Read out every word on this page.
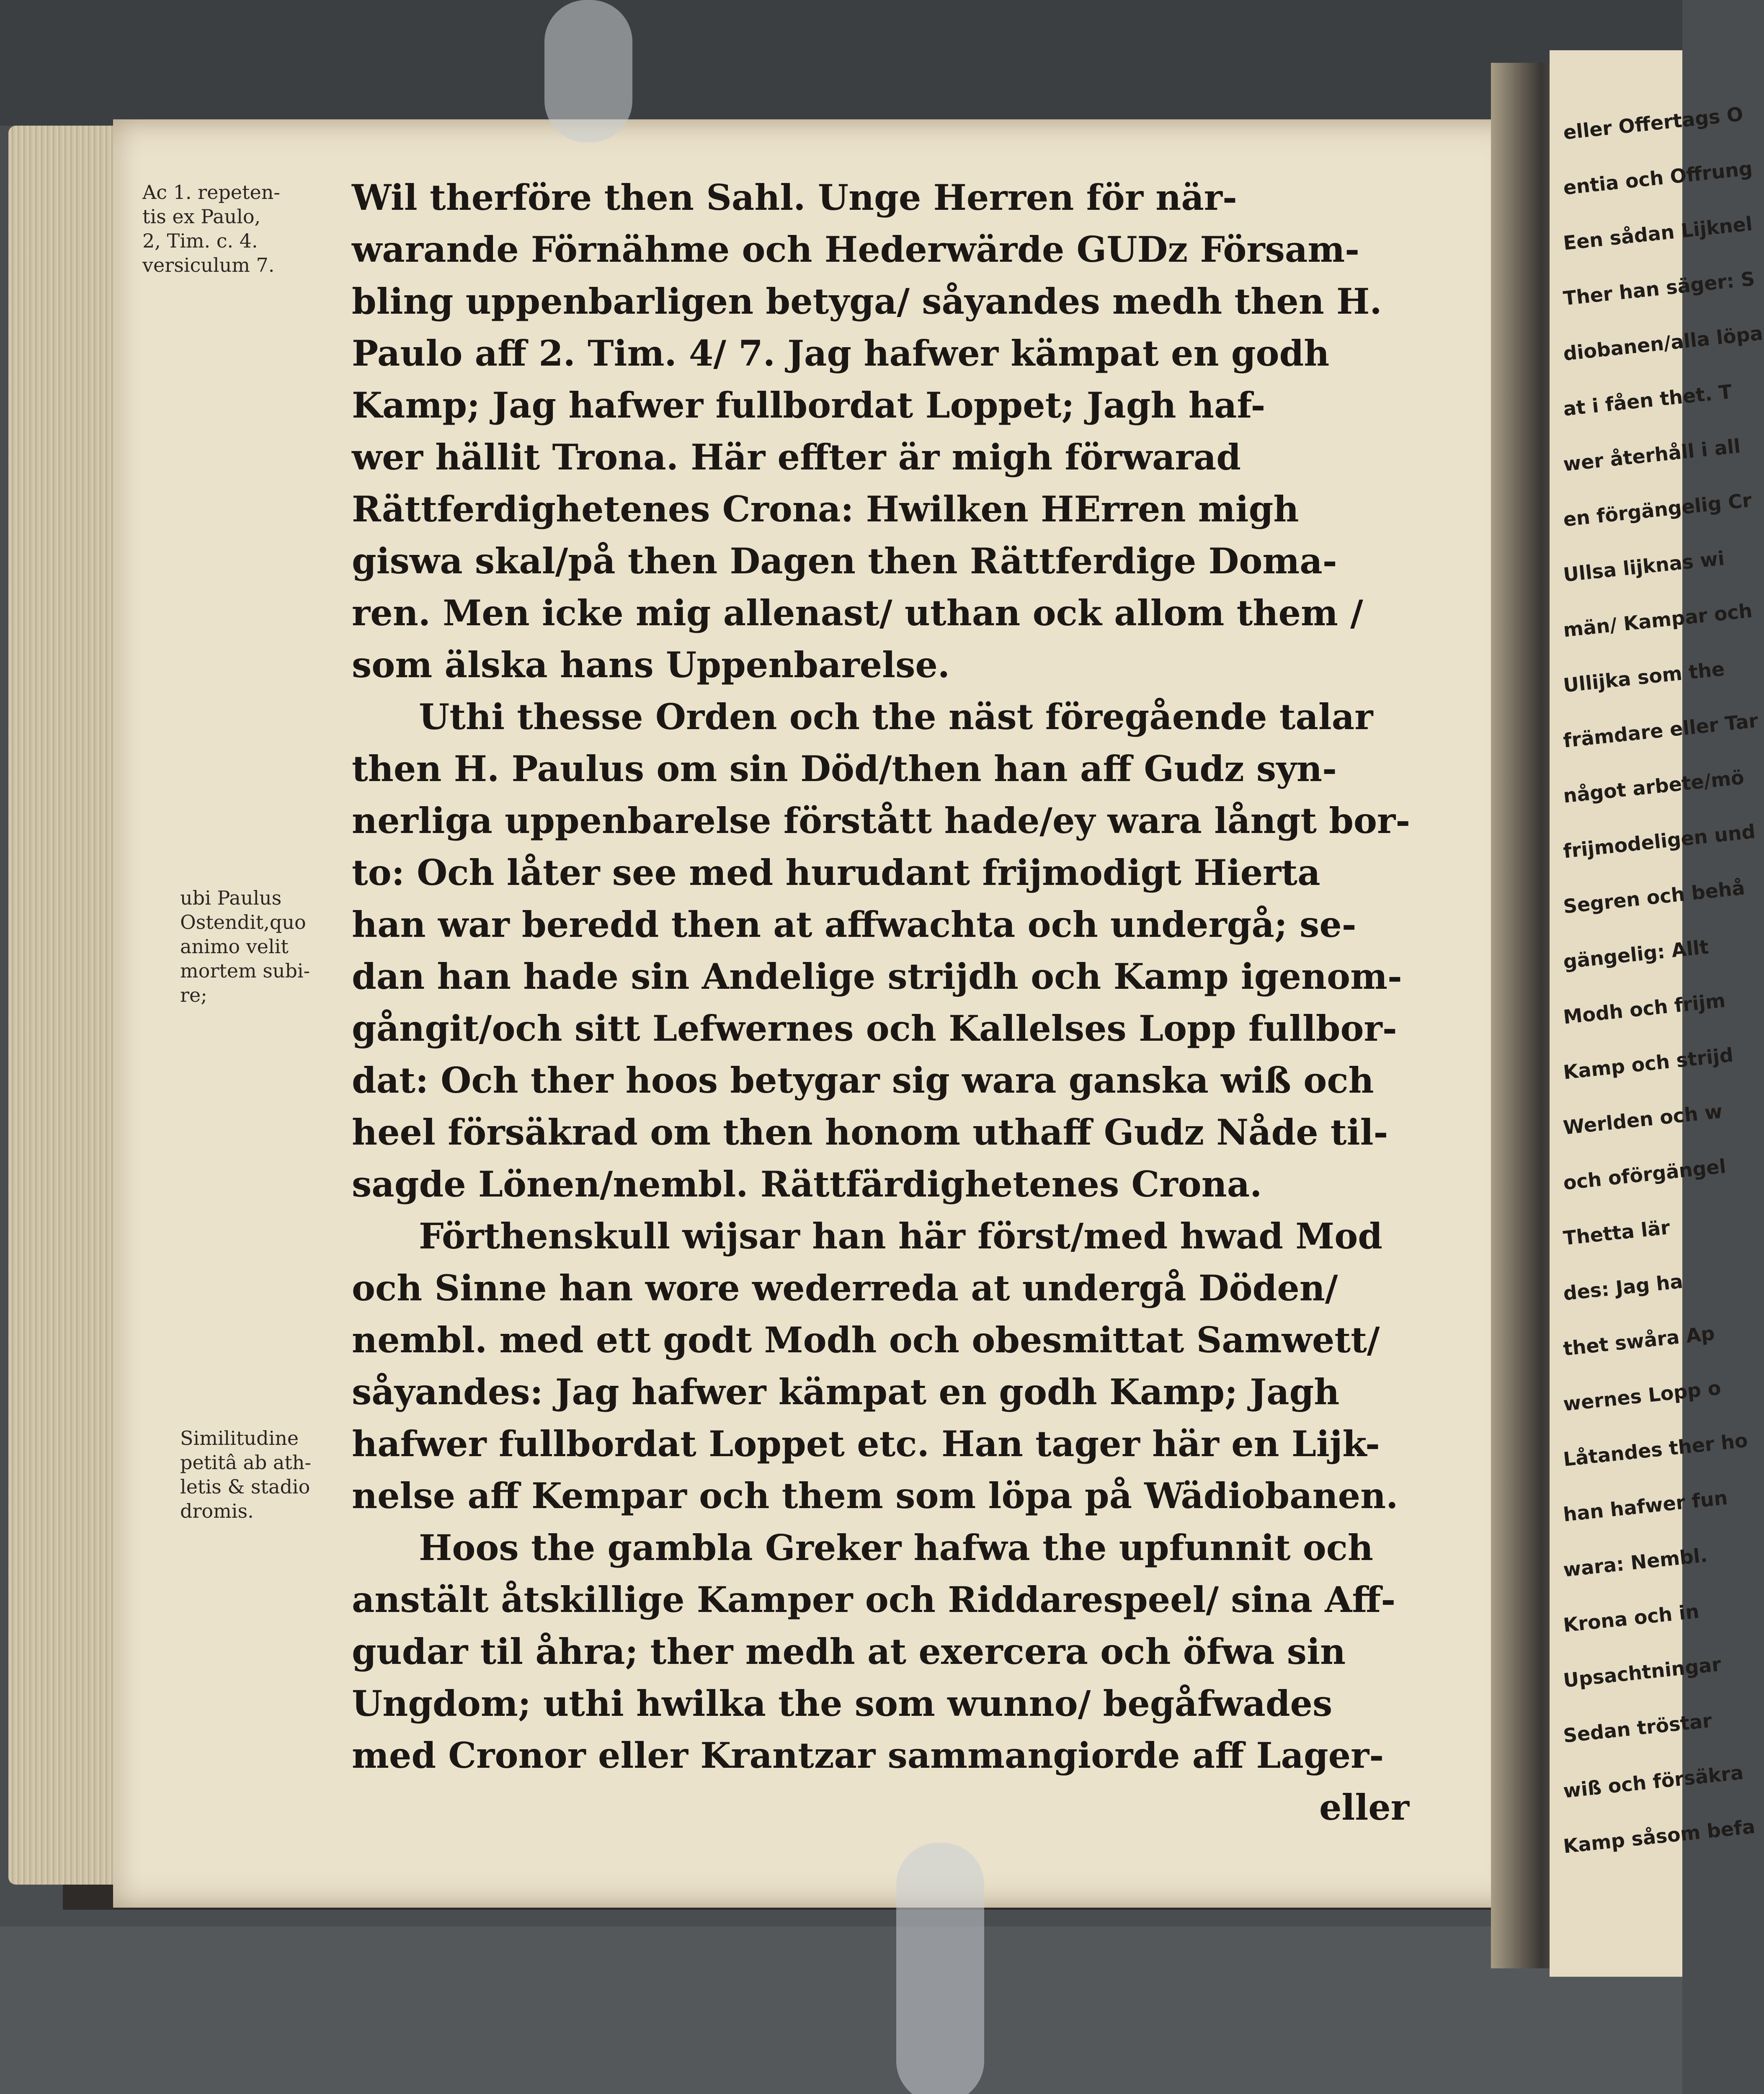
eller Offertags O
entia och Offrung
Een sådan Lijknel
Ther han säger: S
diobanen/alla löpa
at i fåen thet. T
wer återhåll i all
en förgängelig Cr
Ullsa lijknas wi
män/ Kampar och
Ullijka som the
främdare eller Tar
något arbete/mö
frijmodeligen und
Segren och behå
gängelig: Allt
Modh och frijm
Kamp och strijd
Werlden och w
och oförgängel
Thetta lär
des: Jag ha
thet swåra Ap
wernes Lopp o
Låtandes ther ho
han hafwer fun
wara: Nembl.
Krona och in
Upsachtningar
Sedan tröstar
wiß och försäkra
Kamp såsom befa
Ac 1. repeten-
tis ex Paulo,
2, Tim. c. 4.
versiculum 7.
ubi Paulus
Ostendit,quo
animo velit
mortem subi-
re;
Similitudine
petitâ ab ath-
letis & stadio
dromis.
Wil therföre then Sahl. Unge Herren för när-
warande Förnähme och Hederwärde GUDz Försam-
bling uppenbarligen betyga/ såyandes medh then H.
Paulo aff 2. Tim. 4/ 7. Jag hafwer kämpat en godh
Kamp; Jag hafwer fullbordat Loppet; Jagh haf-
wer hällit Trona. Här effter är migh förwarad
Rättferdighetenes Crona: Hwilken HErren migh
giswa skal/på then Dagen then Rättferdige Doma-
ren. Men icke mig allenast/ uthan ock allom them /
som älska hans Uppenbarelse.
Uthi thesse Orden och the näst föregående talar
then H. Paulus om sin Död/then han aff Gudz syn-
nerliga uppenbarelse förstått hade/ey wara långt bor-
to: Och låter see med hurudant frijmodigt Hierta
han war beredd then at affwachta och undergå; se-
dan han hade sin Andelige strijdh och Kamp igenom-
gångit/och sitt Lefwernes och Kallelses Lopp fullbor-
dat: Och ther hoos betygar sig wara ganska wiß och
heel försäkrad om then honom uthaff Gudz Nåde til-
sagde Lönen/nembl. Rättfärdighetenes Crona.
Förthenskull wijsar han här först/med hwad Mod
och Sinne han wore wederreda at undergå Döden/
nembl. med ett godt Modh och obesmittat Samwett/
såyandes: Jag hafwer kämpat en godh Kamp; Jagh
hafwer fullbordat Loppet etc. Han tager här en Lijk-
nelse aff Kempar och them som löpa på Wädiobanen.
Hoos the gambla Greker hafwa the upfunnit och
anstält åtskillige Kamper och Riddarespeel/ sina Aff-
gudar til åhra; ther medh at exercera och öfwa sin
Ungdom; uthi hwilka the som wunno/ begåfwades
med Cronor eller Krantzar sammangiorde aff Lager-
eller
